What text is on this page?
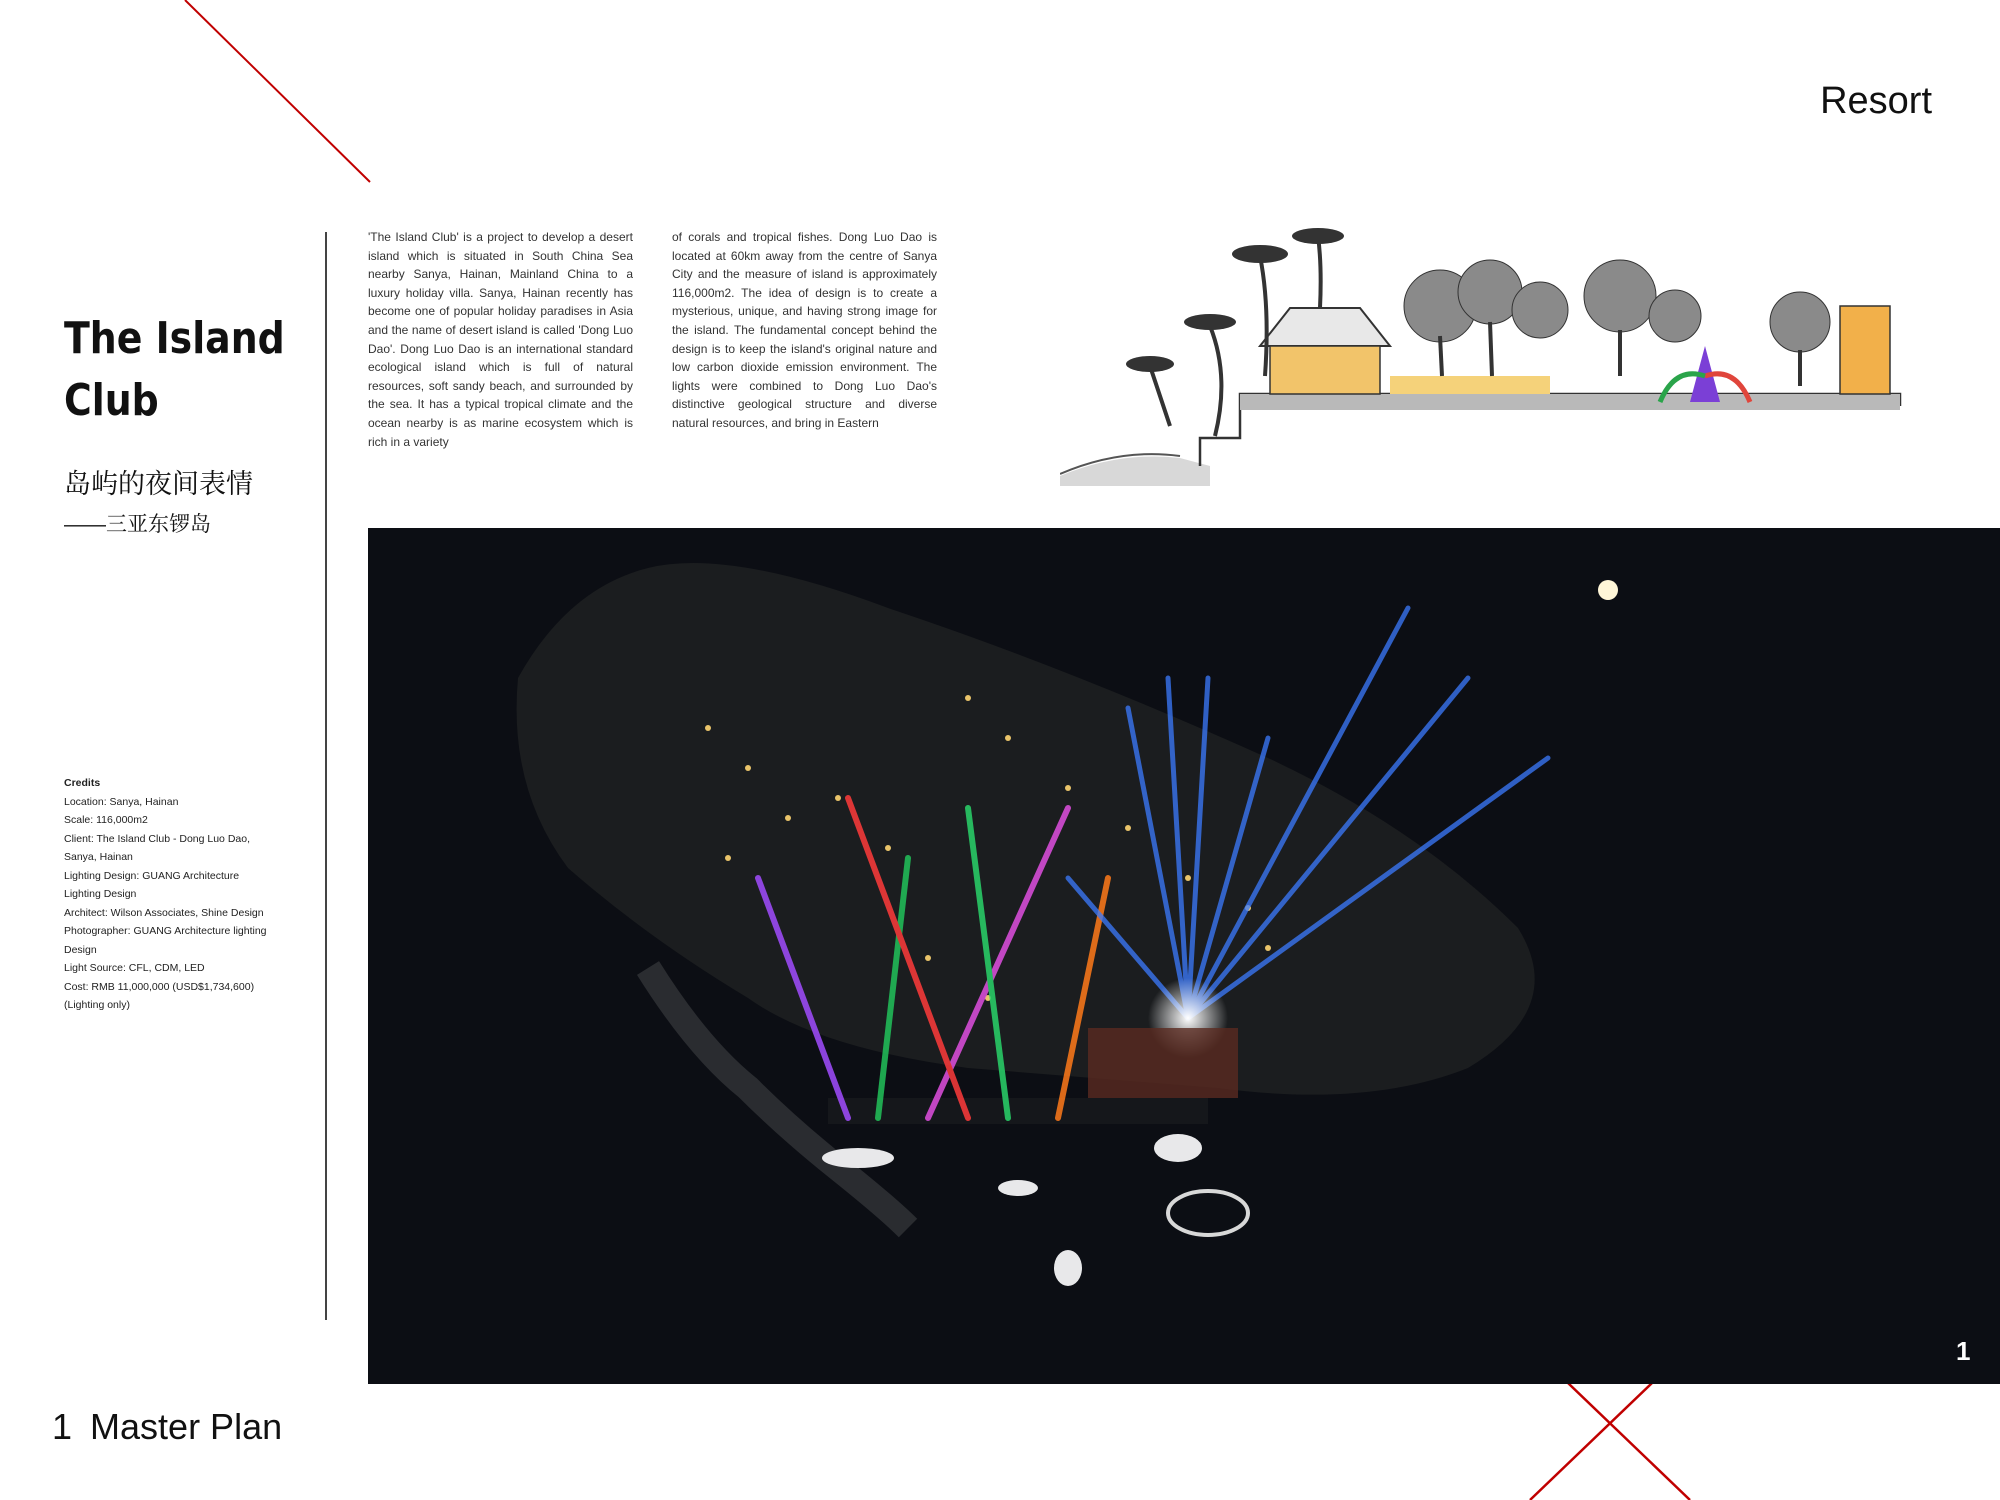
Resort
The Island
Club
岛屿的夜间表情
——三亚东锣岛
Credits
Location: Sanya, Hainan
Scale: 116,000m2
Client: The Island Club - Dong Luo Dao,
Sanya, Hainan
Lighting Design: GUANG Architecture
Lighting Design
Architect: Wilson Associates, Shine Design
Photographer: GUANG Architecture lighting
Design
Light Source: CFL, CDM, LED
Cost: RMB 11,000,000 (USD$1,734,600)
(Lighting only)
'The Island Club' is a project to develop a desert island which is situated in South China Sea nearby Sanya, Hainan, Mainland China to a luxury holiday villa. Sanya, Hainan recently has become one of popular holiday paradises in Asia and the name of desert island is called 'Dong Luo Dao'. Dong Luo Dao is an international standard ecological island which is full of natural resources, soft sandy beach, and surrounded by the sea. It has a typical tropical climate and the ocean nearby is as marine ecosystem which is rich in a variety
of corals and tropical fishes. Dong Luo Dao is located at 60km away from the centre of Sanya City and the measure of island is approximately 116,000m2. The idea of design is to create a mysterious, unique, and having strong image for the island. The fundamental concept behind the design is to keep the island's original nature and low carbon dioxide emission environment. The lights were combined to Dong Luo Dao's distinctive geological structure and diverse natural resources, and bring in Eastern
1
1 Master Plan
